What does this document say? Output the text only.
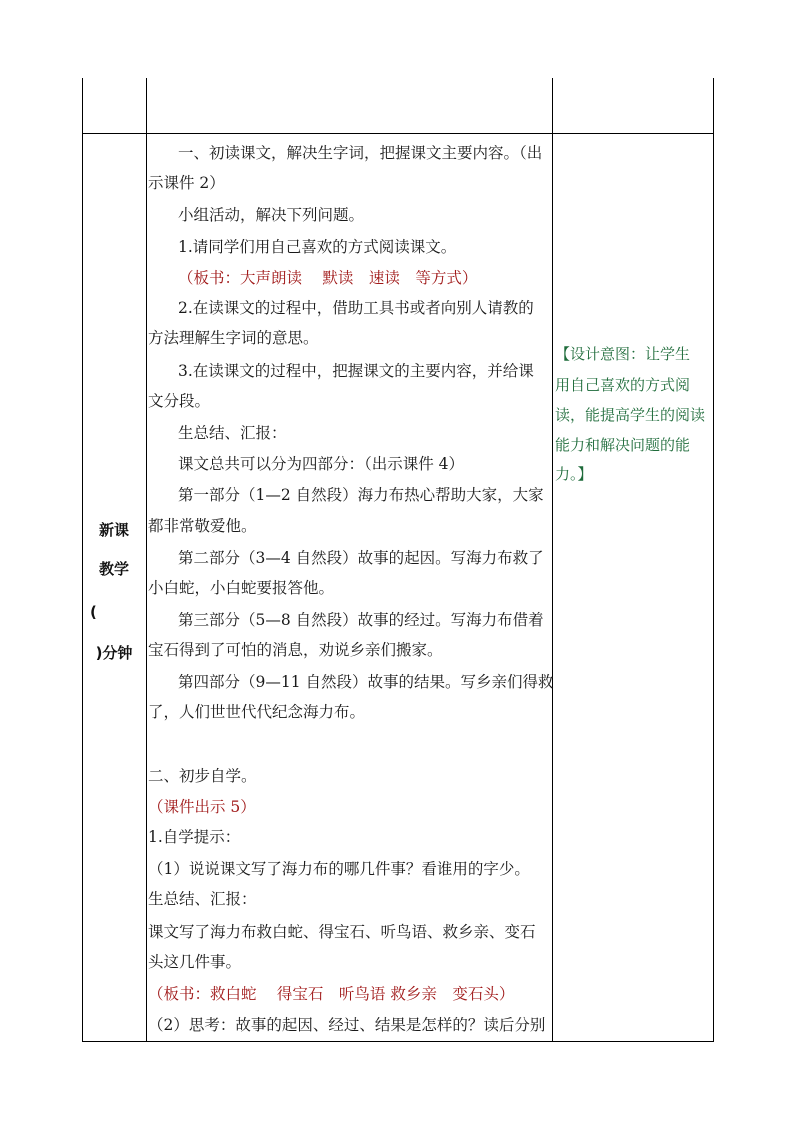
新课
教学
(
)分钟
一、初读课文，解决生字词，把握课文主要内容。（出
示课件 2）
小组活动，解决下列问题。
1.请同学们用自己喜欢的方式阅读课文。
（板书：大声朗读　 默读　速读　等方式）
2.在读课文的过程中，借助工具书或者向别人请教的
方法理解生字词的意思。
3.在读课文的过程中，把握课文的主要内容，并给课
文分段。
生总结、汇报：
课文总共可以分为四部分：（出示课件 4）
第一部分（1—2 自然段）海力布热心帮助大家，大家
都非常敬爱他。
第二部分（3—4 自然段）故事的起因。写海力布救了
小白蛇，小白蛇要报答他。
第三部分（5—8 自然段）故事的经过。写海力布借着
宝石得到了可怕的消息，劝说乡亲们搬家。
第四部分（9—11 自然段）故事的结果。写乡亲们得救
了，人们世世代代纪念海力布。
二、初步自学。
（课件出示 5）
1.自学提示：
（1）说说课文写了海力布的哪几件事？看谁用的字少。
生总结、汇报：
课文写了海力布救白蛇、得宝石、听鸟语、救乡亲、变石
头这几件事。
（板书：救白蛇　 得宝石　听鸟语 救乡亲　变石头）
（2）思考：故事的起因、经过、结果是怎样的？读后分别
【设计意图：让学生
用自己喜欢的方式阅
读，能提高学生的阅读
能力和解决问题的能
力。】
